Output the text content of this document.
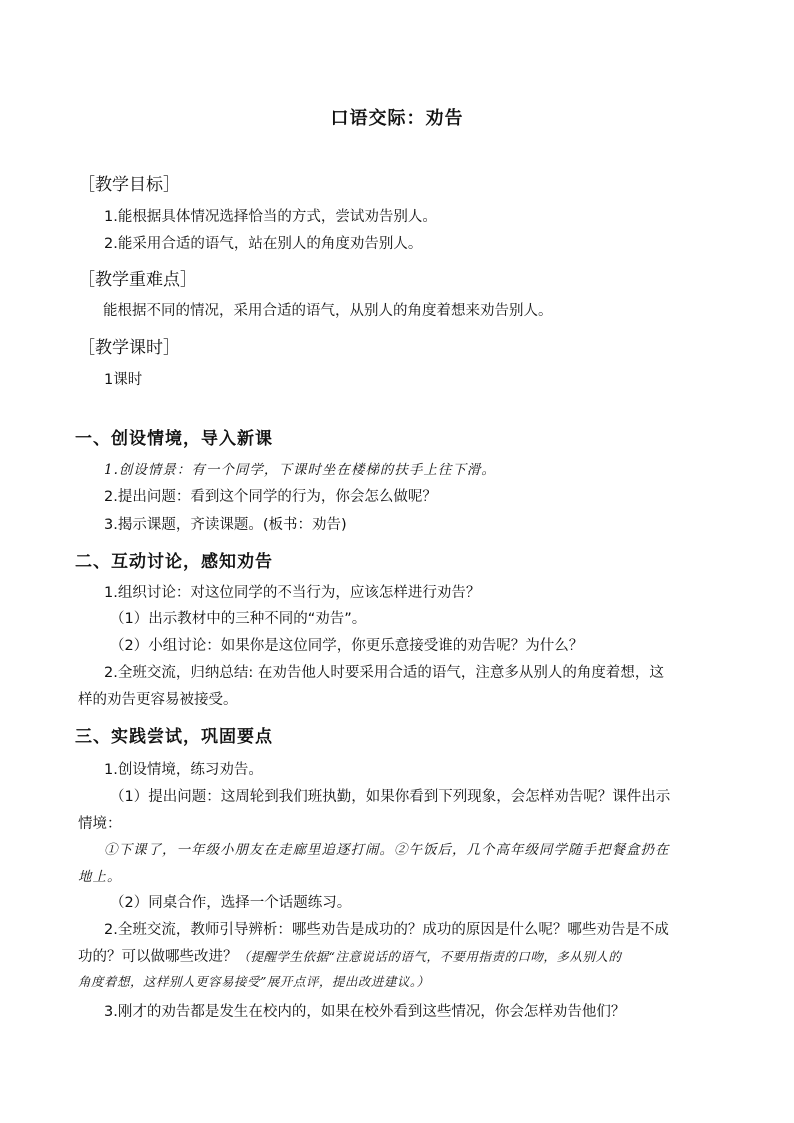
口语交际：劝告
［教学目标］
1.能根据具体情况选择恰当的方式，尝试劝告别人。
2.能采用合适的语气，站在别人的角度劝告别人。
［教学重难点］
能根据不同的情况，采用合适的语气，从别人的角度着想来劝告别人。
［教学课时］
1课时
一、创设情境，导入新课
1.创设情景：有一个同学，下课时坐在楼梯的扶手上往下滑。
2.提出问题：看到这个同学的行为，你会怎么做呢？
3.揭示课题，齐读课题。(板书：劝告)
二、互动讨论，感知劝告
1.组织讨论：对这位同学的不当行为，应该怎样进行劝告？
（1）出示教材中的三种不同的“劝告”。
（2）小组讨论：如果你是这位同学，你更乐意接受谁的劝告呢？为什么？
2.全班交流，归纳总结: 在劝告他人时要采用合适的语气，注意多从别人的角度着想，这
样的劝告更容易被接受。
三、实践尝试，巩固要点
1.创设情境，练习劝告。
（1）提出问题：这周轮到我们班执勤，如果你看到下列现象，会怎样劝告呢？课件出示
情境：
①下课了，一年级小朋友在走廊里追逐打闹。②午饭后，几个高年级同学随手把餐盒扔在
地上。
（2）同桌合作，选择一个话题练习。
2.全班交流，教师引导辨析：哪些劝告是成功的？成功的原因是什么呢？哪些劝告是不成
功的？可以做哪些改进？（提醒学生依据“注意说话的语气，不要用指责的口吻，多从别人的
角度着想，这样别人更容易接受”展开点评，提出改进建议。）
3.刚才的劝告都是发生在校内的，如果在校外看到这些情况，你会怎样劝告他们？
